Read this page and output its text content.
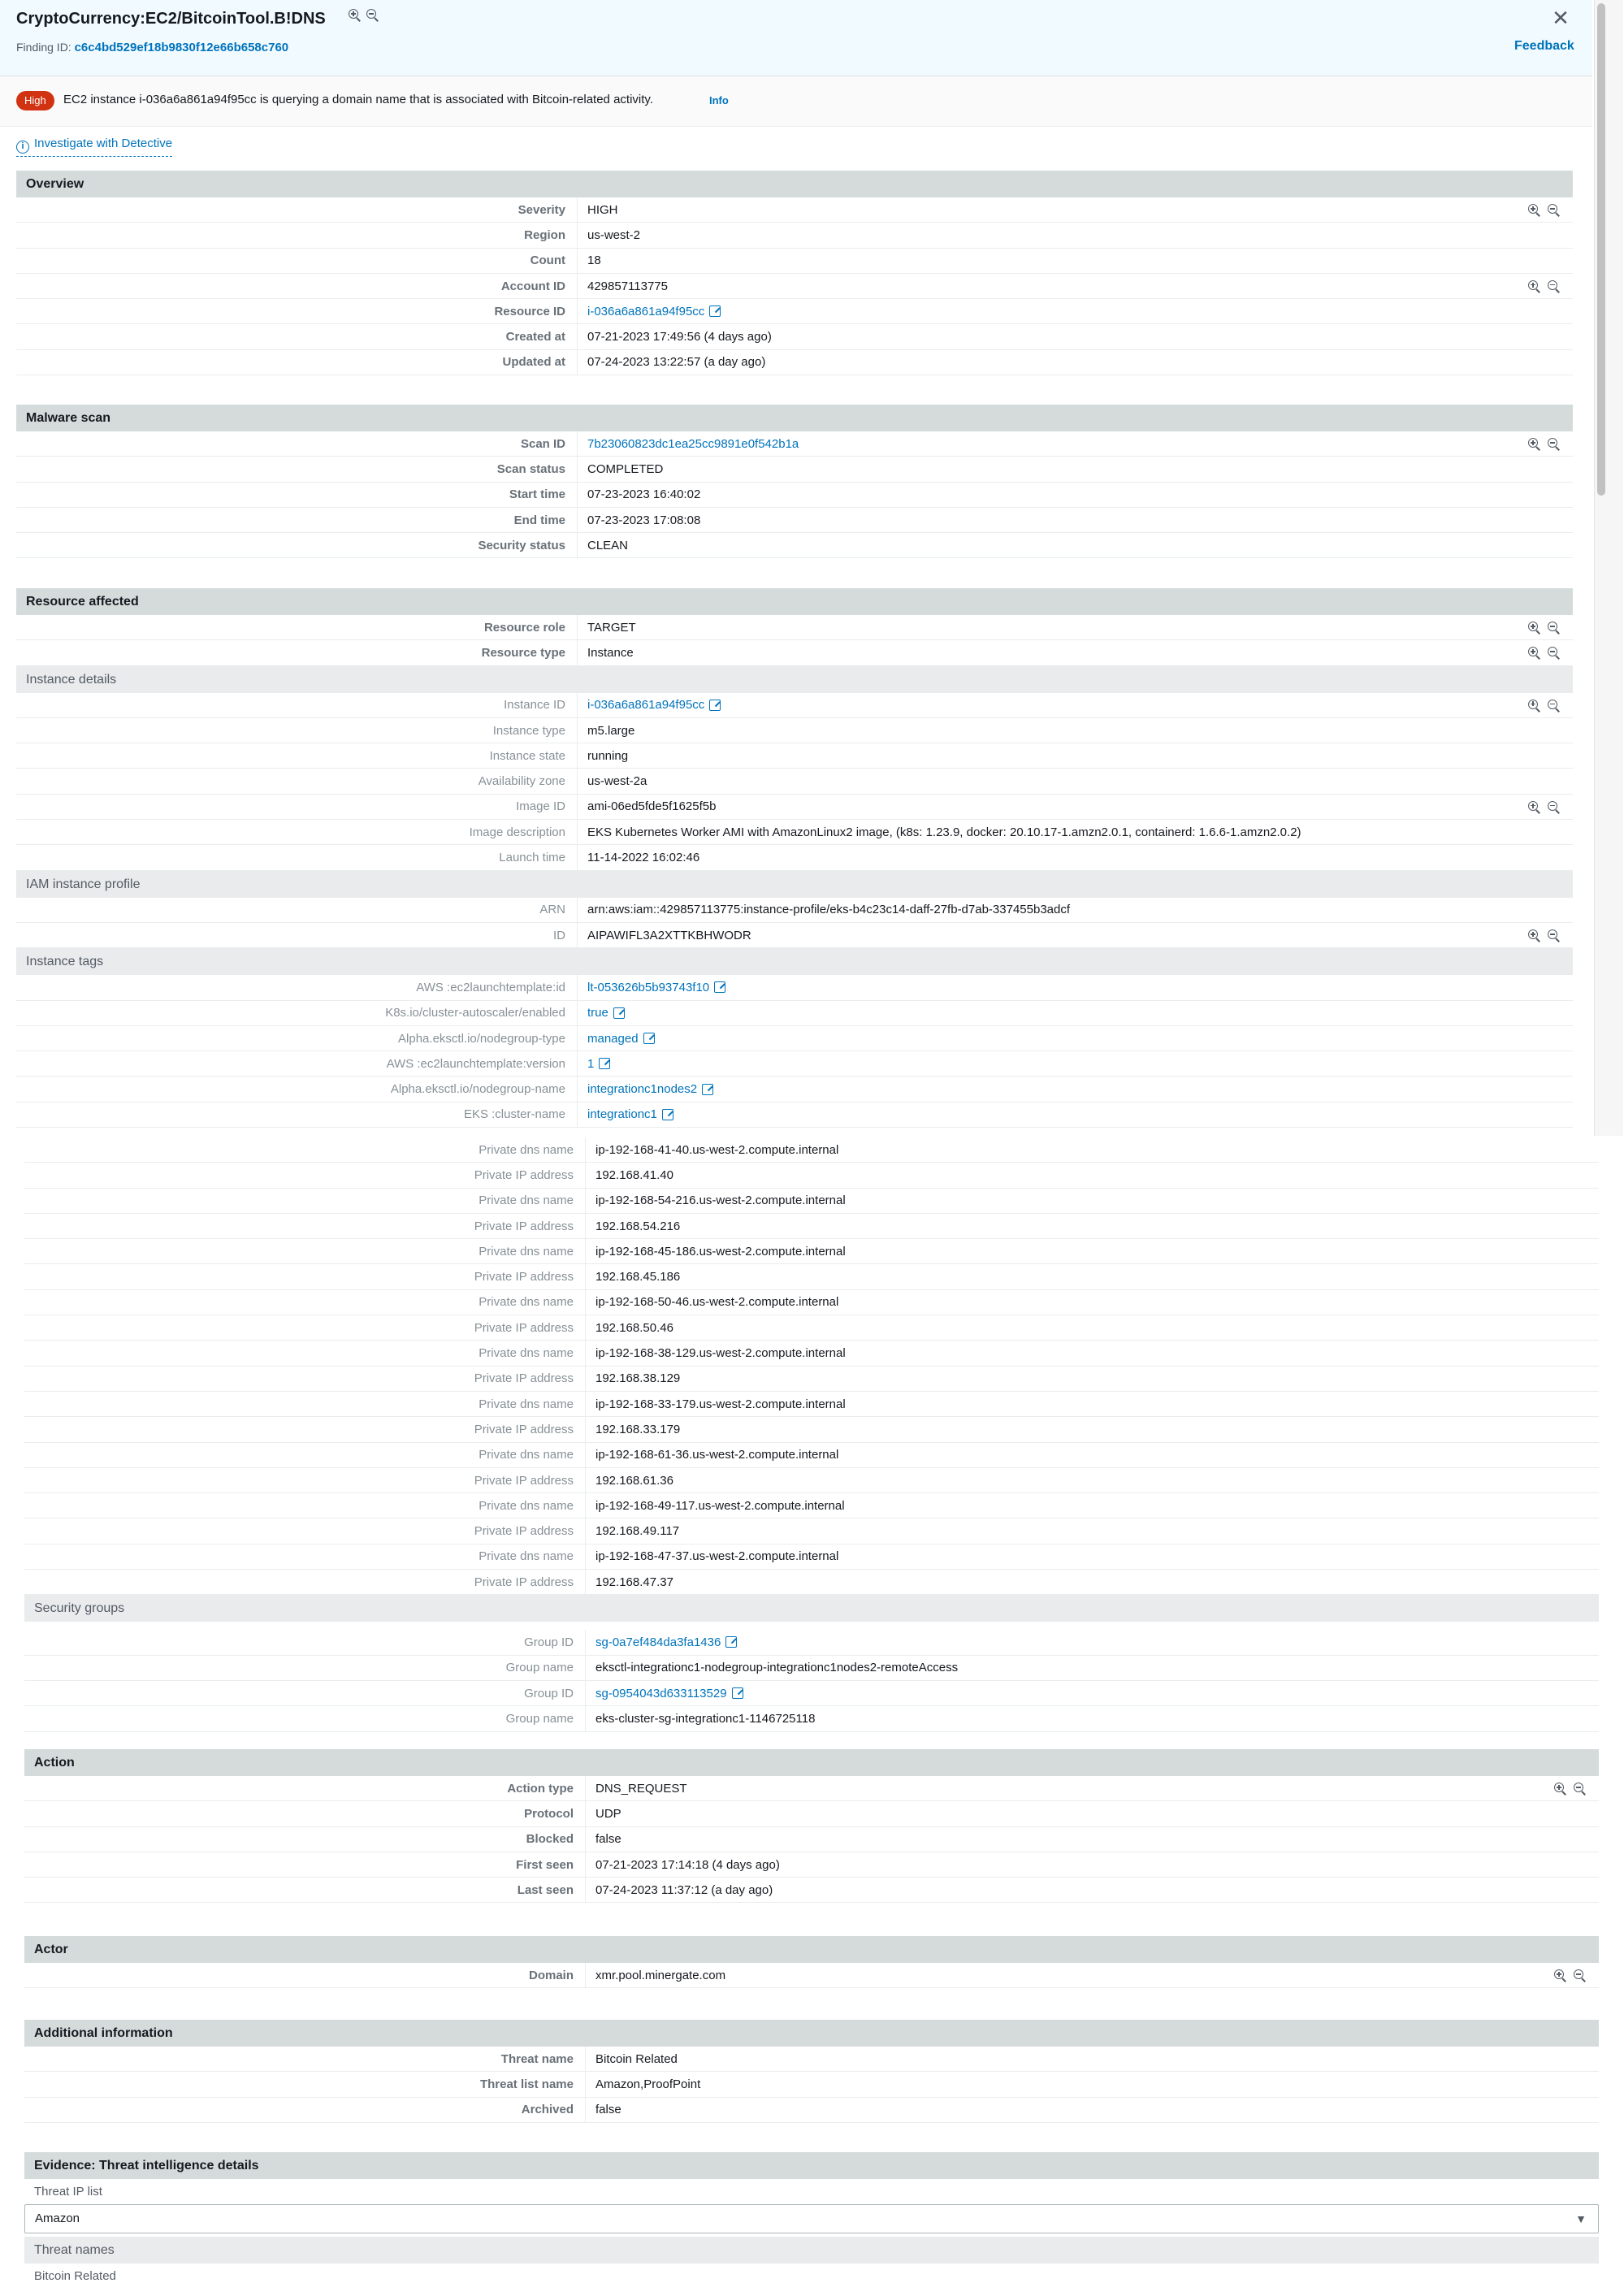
CryptoCurrency:EC2/BitcoinTool.B!DNS
Finding ID: c6c4bd529ef18b9830f12e66b658c760
✕
Feedback
High	EC2 instance i-036a6a861a94f95cc is querying a domain name that is associated with Bitcoin-related activity.	Info
i Investigate with Detective
Overview
Severity	HIGH
Region	us-west-2
Count	18
Account ID	429857113775
Resource ID	i-036a6a861a94f95cc
Created at	07-21-2023 17:49:56 (4 days ago)
Updated at	07-24-2023 13:22:57 (a day ago)
Malware scan
Scan ID	7b23060823dc1ea25cc9891e0f542b1a
Scan status	COMPLETED
Start time	07-23-2023 16:40:02
End time	07-23-2023 17:08:08
Security status	CLEAN
Resource affected
Resource role	TARGET
Resource type	Instance
Instance details
Instance ID	i-036a6a861a94f95cc
Instance type	m5.large
Instance state	running
Availability zone	us-west-2a
Image ID	ami-06ed5fde5f1625f5b
Image description	EKS Kubernetes Worker AMI with AmazonLinux2 image, (k8s: 1.23.9, docker: 20.10.17-1.amzn2.0.1, containerd: 1.6.6-1.amzn2.0.2)
Launch time	11-14-2022 16:02:46
IAM instance profile
ARN	arn:aws:iam::429857113775:instance-profile/eks-b4c23c14-daff-27fb-d7ab-337455b3adcf
ID	AIPAWIFL3A2XTTKBHWODR
Instance tags
AWS :ec2launchtemplate:id	lt-053626b5b93743f10
K8s.io/cluster-autoscaler/enabled	true
Alpha.eksctl.io/nodegroup-type	managed
AWS :ec2launchtemplate:version	1
Alpha.eksctl.io/nodegroup-name	integrationc1nodes2
EKS :cluster-name	integrationc1
Private dns name	ip-192-168-41-40.us-west-2.compute.internal
Private IP address	192.168.41.40
Private dns name	ip-192-168-54-216.us-west-2.compute.internal
Private IP address	192.168.54.216
Private dns name	ip-192-168-45-186.us-west-2.compute.internal
Private IP address	192.168.45.186
Private dns name	ip-192-168-50-46.us-west-2.compute.internal
Private IP address	192.168.50.46
Private dns name	ip-192-168-38-129.us-west-2.compute.internal
Private IP address	192.168.38.129
Private dns name	ip-192-168-33-179.us-west-2.compute.internal
Private IP address	192.168.33.179
Private dns name	ip-192-168-61-36.us-west-2.compute.internal
Private IP address	192.168.61.36
Private dns name	ip-192-168-49-117.us-west-2.compute.internal
Private IP address	192.168.49.117
Private dns name	ip-192-168-47-37.us-west-2.compute.internal
Private IP address	192.168.47.37
Security groups
Group ID	sg-0a7ef484da3fa1436
Group name	eksctl-integrationc1-nodegroup-integrationc1nodes2-remoteAccess
Group ID	sg-0954043d633113529
Group name	eks-cluster-sg-integrationc1-1146725118
Action
Action type	DNS_REQUEST
Protocol	UDP
Blocked	false
First seen	07-21-2023 17:14:18 (4 days ago)
Last seen	07-24-2023 11:37:12 (a day ago)
Actor
Domain	xmr.pool.minergate.com
Additional information
Threat name	Bitcoin Related
Threat list name	Amazon,ProofPoint
Archived	false
Evidence: Threat intelligence details
Threat IP list
Amazon	▼
Threat names
Bitcoin Related
